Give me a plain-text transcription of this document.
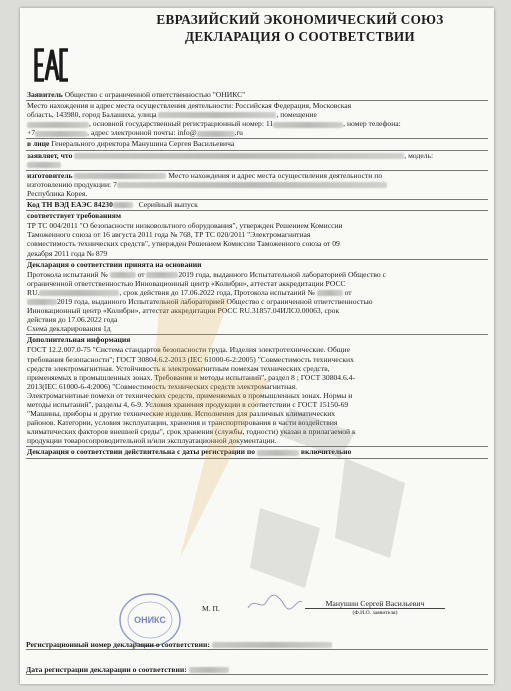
ЕВРАЗИЙСКИЙ ЭКОНОМИЧЕСКИЙ СОЮЗ
ДЕКЛАРАЦИЯ О СООТВЕТСТВИИ
Заявитель Общество с ограниченной ответственностью "ОНИКС"
Место нахождения и адрес места осуществления деятельности: Российская Федерация, Московская
область, 143980, город Балашиха, улица	, помещение
, основной государственный регистрационный номер: 11	, номер телефона:
+7	, адрес электронной почты: info@	.ru
в лице Генерального директора Манушина Сергея Васильевича
заявляет, что	, модель:
изготовитель	Место нахождения и адрес места осуществления деятельности по
изготовлению продукции: 7
Республика Корея.
Код ТН ВЭД ЕАЭС 84230	Серийный выпуск
соответствует требованиям
ТР ТС 004/2011 "О безопасности низковольтного оборудования", утвержден Решением Комиссии
Таможенного союза от 16 августа 2011 года № 768, ТР ТС 020/2011 "Электромагнитная
совместимость технических средств", утвержден Решением Комиссии Таможенного союза от 09
декабря 2011 года № 879
Декларация о соответствии принята на основании
Протокола испытаний №	от	2019 года, выданного Испытательной лабораторией Общество с
ограниченной ответственностью Инновационный центр «Колибри», аттестат аккредитации РОСС
RU.	, срок действия до 17.06.2022 года, Протокола испытаний №	от
2019 года, выданного Испытательной лабораторией Общество с ограниченной ответственностью
Инновационный центр «Колибри», аттестат аккредитации РОСС RU.31857.04ИЛС0.00063, срок
действия до 17.06.2022 года
Схема декларирования 1д
Дополнительная информация
ГОСТ 12.2.007.0-75 "Система стандартов безопасности труда. Изделия электротехнические. Общие
требования безопасности"; ГОСТ 30804.6.2-2013 (IEC 61000-6-2:2005) "Совместимость технических
средств электромагнитная. Устойчивость к электромагнитным помехам технических средств,
применяемых в промышленных зонах. Требования и методы испытаний", раздел 8 ; ГОСТ 30804.6.4-
2013(IEC 61000-6-4:2006) "Совместимость технических средств электромагнитная.
Электромагнитные помехи от технических средств, применяемых в промышленных зонах. Нормы и
методы испытаний", разделы 4, 6-9. Условия хранения продукции в соответствии с ГОСТ 15150-69
"Машины, приборы и другие технические изделия. Исполнения для различных климатических
районов. Категории, условия эксплуатации, хранения и транспортирования в части воздействия
климатических факторов внешней среды", срок хранения (службы, годности) указан в прилагаемой к
продукции товаросопроводительной и/или эксплуатационной документации.
Декларация о соответствии действительна с даты регистрации по	включительно
ОНИКС
М. П.
Манушин Сергей Васильевич
(Ф.И.О. заявителя)
Регистрационный номер декларации о соответствии:
Дата регистрации декларации о соответствии:
